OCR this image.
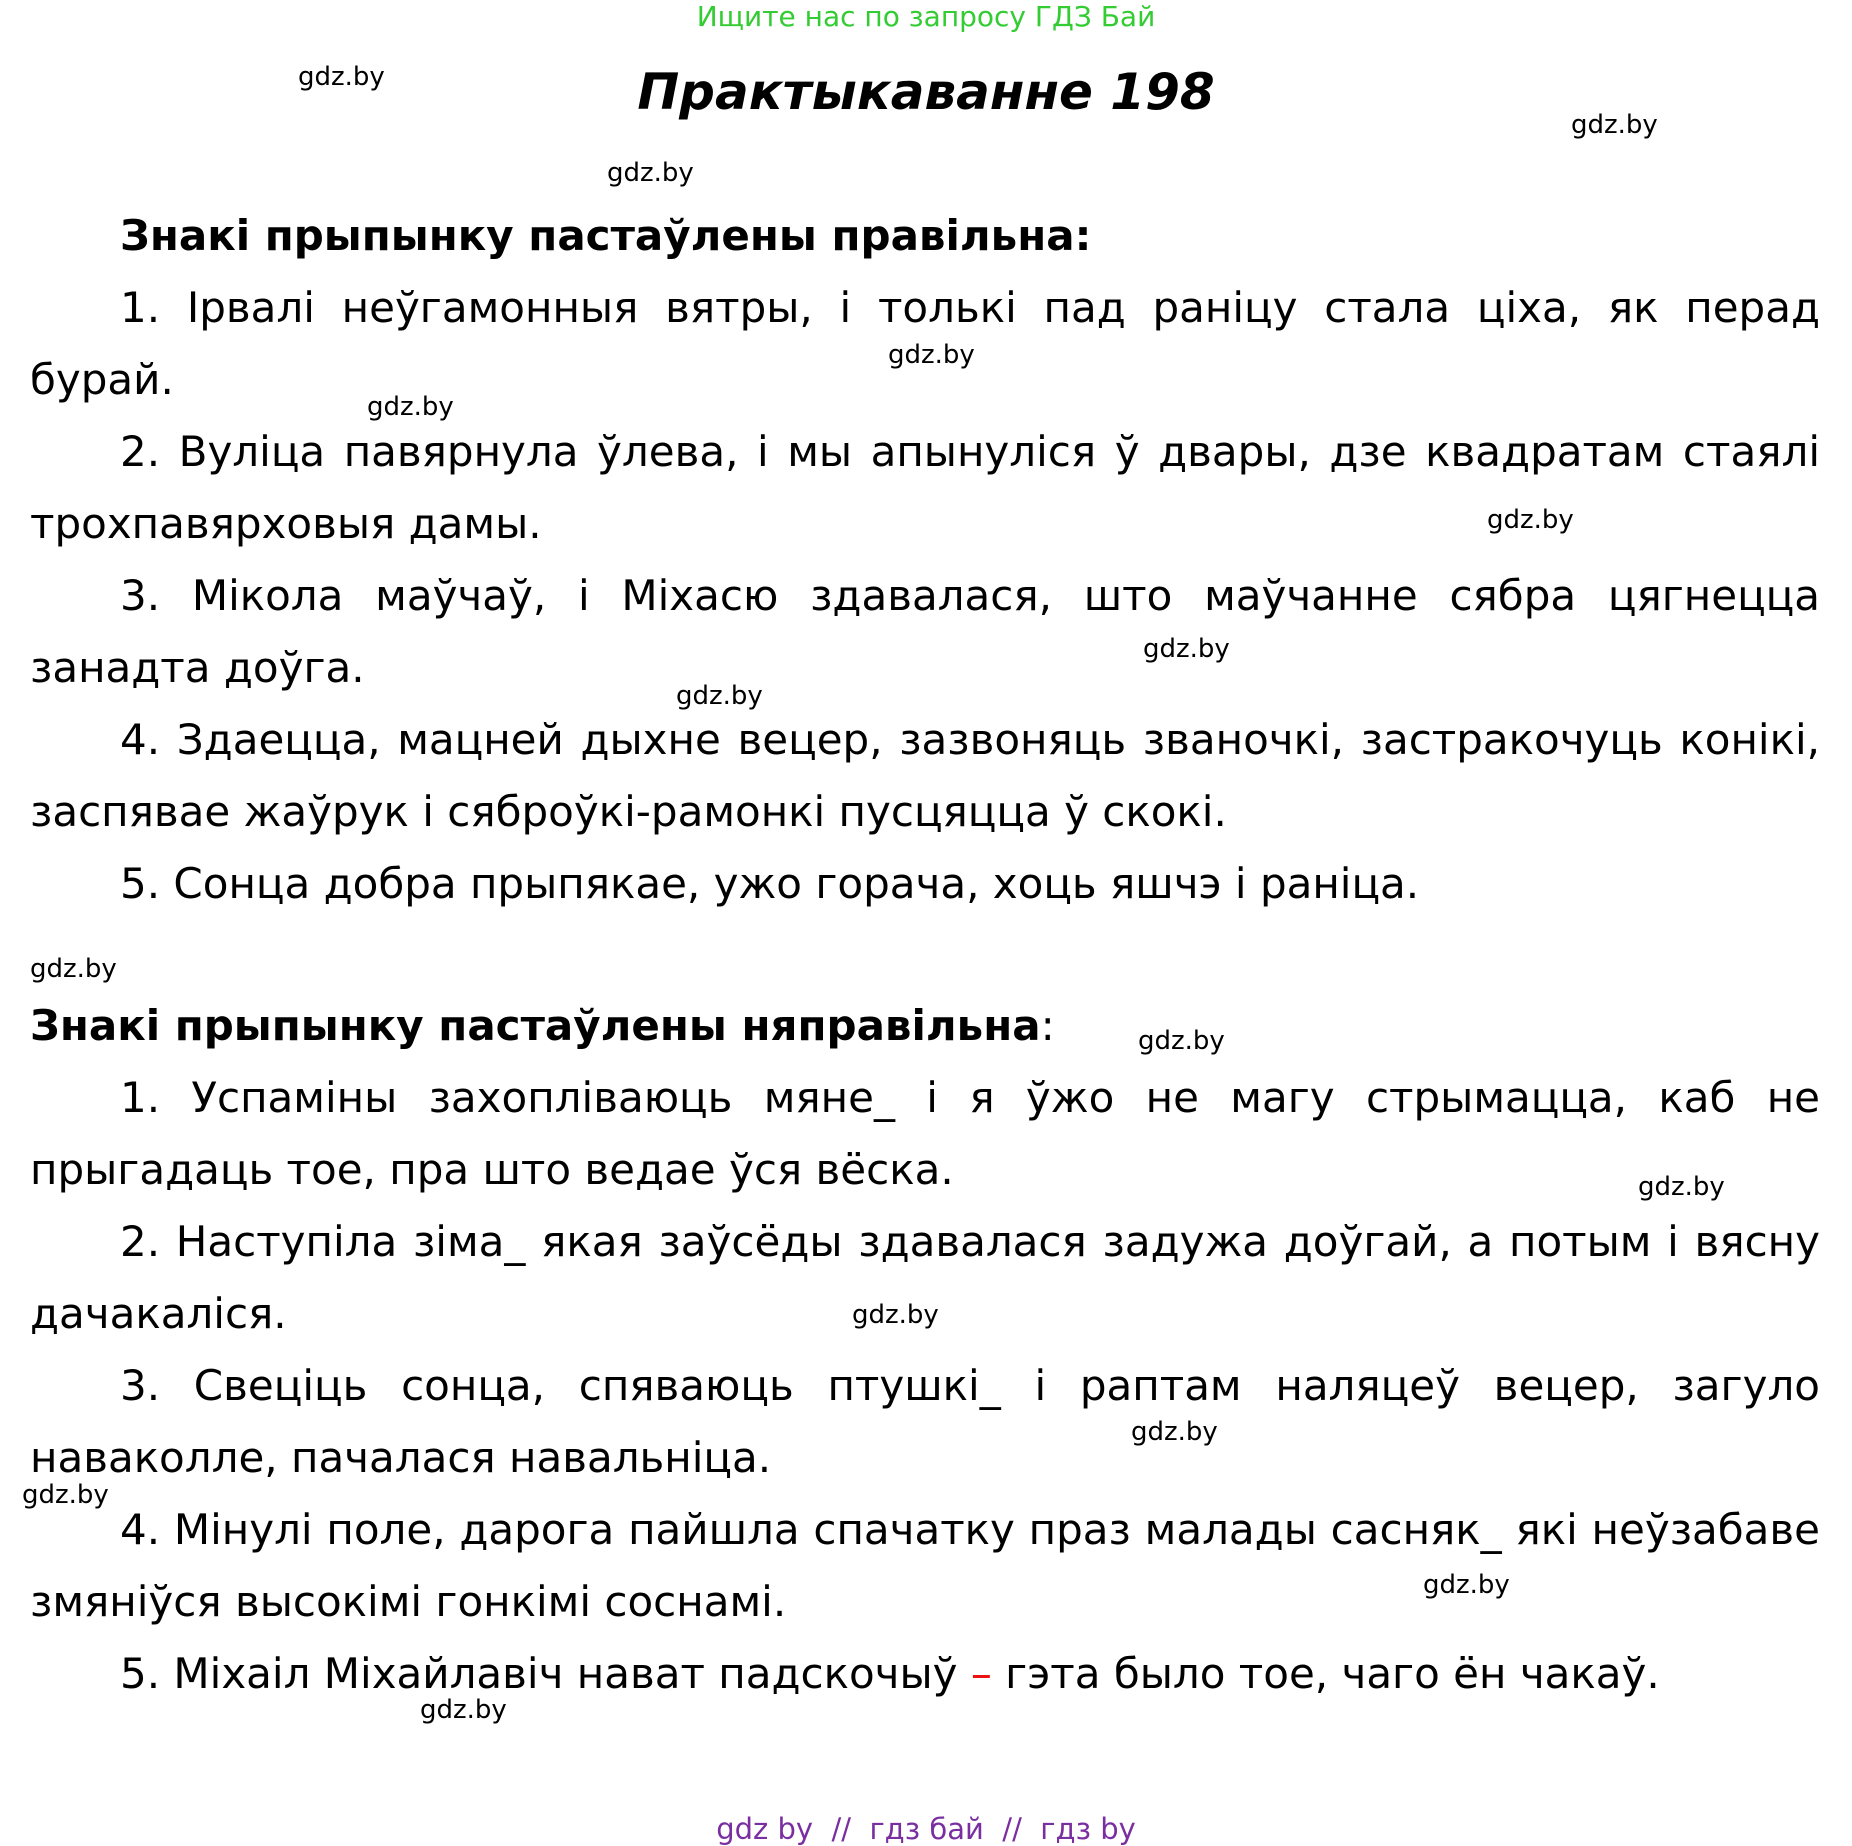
Ищите нас по запросу ГДЗ Бай
Практыкаванне 198

Знакі прыпынку пастаўлены правільна:

1. Ірвалі неўгамонныя вятры, і толькі пад раніцу стала ціха, як перад бурай.

2. Вуліца павярнула ўлева, і мы апынуліся ў двары, дзе квадратам стаялі трохпавярховыя дамы.

3. Мікола маўчаў, і Міхасю здавалася, што маўчанне сябра цягнецца занадта доўга.

4. Здаецца, мацней дыхне вецер, зазвоняць званочкі, застракочуць конікі, заспявае жаўрук і сяброўкі-рамонкі пусцяцца ў скокі.

5. Сонца добра прыпякае, ужо горача, хоць яшчэ і раніца.

Знакі прыпынку пастаўлены няправільна:

1. Успаміны захопліваюць мяне_ і я ўжо не магу стрымацца, каб не прыгадаць тое, пра што ведае ўся вёска.

2. Наступіла зіма_ якая заўсёды здавалася задужа доўгай, а потым і вясну дачакаліся.

3. Свеціць сонца, спяваюць птушкі_ і раптам наляцеў вецер, загуло наваколле, пачалася навальніца.

4. Мінулі поле, дарога пайшла спачатку праз малады сасняк_ які неўзабаве змяніўся высокімі гонкімі соснамі.

5. Міхаіл Міхайлавіч нават падскочыў – гэта было тое, чаго ён чакаў.

gdz.by
gdz.by
gdz.by
gdz.by
gdz.by
gdz.by
gdz.by
gdz.by
gdz.by
gdz.by
gdz.by
gdz.by
gdz.by
gdz.by
gdz.by
gdz.by
gdz by  //  гдз бай  //  гдз by
